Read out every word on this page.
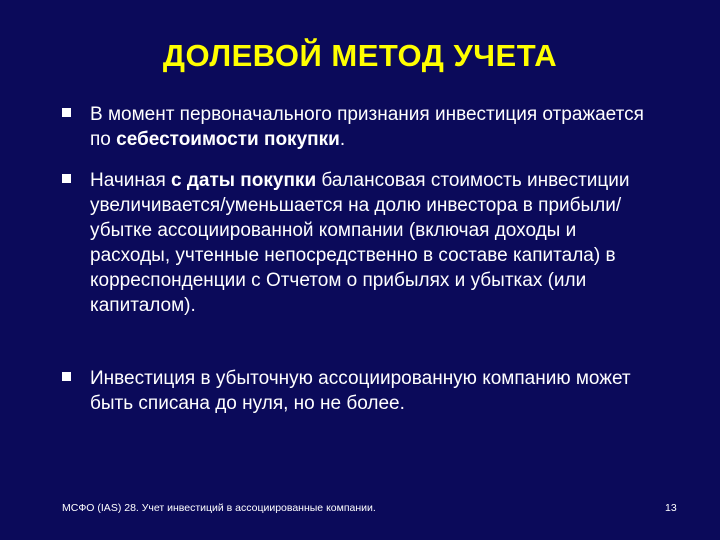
ДОЛЕВОЙ МЕТОД УЧЕТА
В момент первоначального признания инвестиция отражается по себестоимости покупки.
Начиная с даты покупки балансовая стоимость инвестиции увеличивается/уменьшается на долю инвестора в прибыли/убытке ассоциированной компании (включая доходы и расходы, учтенные непосредственно в составе капитала) в корреспонденции с Отчетом о прибылях и убытках (или капиталом).
Инвестиция в убыточную ассоциированную компанию может быть списана до нуля, но не более.
МСФО (IAS) 28. Учет инвестиций в ассоциированные компании.	13
